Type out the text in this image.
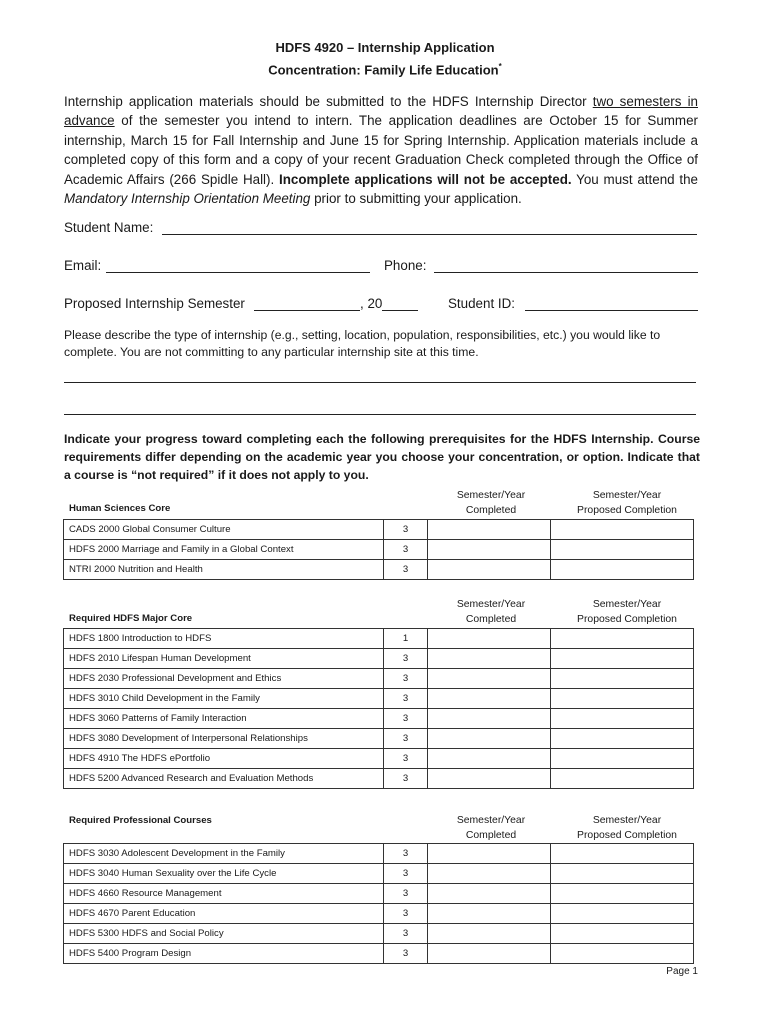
HDFS 4920 – Internship Application
Concentration: Family Life Education*
Internship application materials should be submitted to the HDFS Internship Director two semesters in advance of the semester you intend to intern. The application deadlines are October 15 for Summer internship, March 15 for Fall Internship and June 15 for Spring Internship. Application materials include a completed copy of this form and a copy of your recent Graduation Check completed through the Office of Academic Affairs (266 Spidle Hall). Incomplete applications will not be accepted. You must attend the Mandatory Internship Orientation Meeting prior to submitting your application.
Student Name:
Email:	Phone:
Proposed Internship Semester	, 20	Student ID:
Please describe the type of internship (e.g., setting, location, population, responsibilities, etc.) you would like to complete. You are not committing to any particular internship site at this time.
Indicate your progress toward completing each the following prerequisites for the HDFS Internship. Course requirements differ depending on the academic year you choose your concentration, or option. Indicate that a course is “not required” if it does not apply to you.
Human Sciences Core
Semester/Year
Completed
Semester/Year
Proposed Completion
CADS 2000 Global Consumer Culture	3		
HDFS 2000 Marriage and Family in a Global Context	3		
NTRI 2000 Nutrition and Health	3		
Required HDFS Major Core
Semester/Year
Completed
Semester/Year
Proposed Completion
HDFS 1800 Introduction to HDFS	1		
HDFS 2010 Lifespan Human Development	3		
HDFS 2030 Professional Development and Ethics	3		
HDFS 3010 Child Development in the Family	3		
HDFS 3060 Patterns of Family Interaction	3		
HDFS 3080 Development of Interpersonal Relationships	3		
HDFS 4910 The HDFS ePortfolio	3		
HDFS 5200 Advanced Research and Evaluation Methods	3		
Required Professional Courses	Semester/Year
Completed
Semester/Year
Proposed Completion
HDFS 3030 Adolescent Development in the Family	3		
HDFS 3040 Human Sexuality over the Life Cycle	3		
HDFS 4660 Resource Management	3		
HDFS 4670 Parent Education	3		
HDFS 5300 HDFS and Social Policy	3		
HDFS 5400 Program Design	3		
Page 1
